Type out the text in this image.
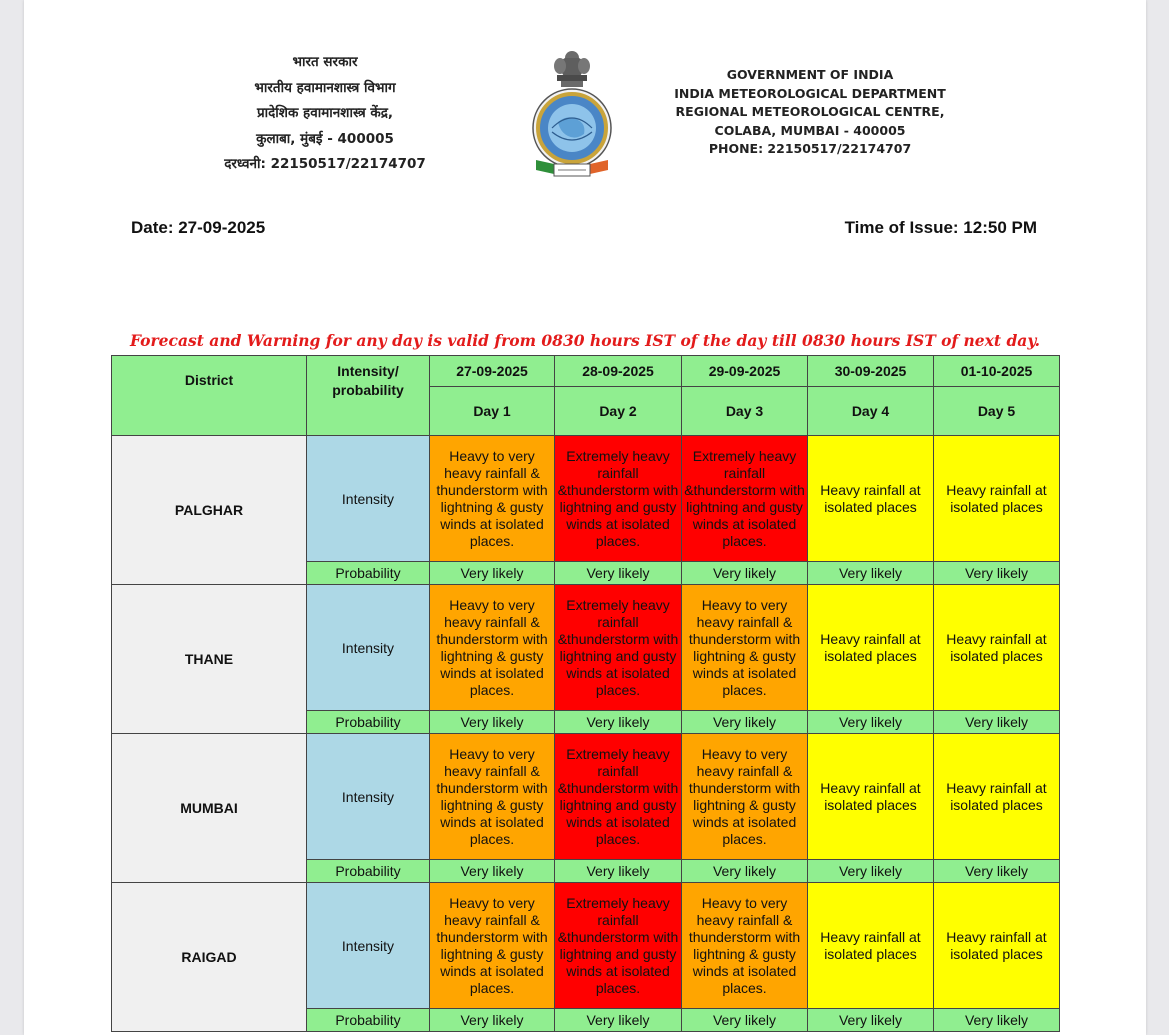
भारत सरकार
भारतीय हवामानशास्त्र विभाग
प्रादेशिक हवामानशास्त्र केंद्र,
कुलाबा, मुंबई - 400005
दरध्वनी: 22150517/22174707
GOVERNMENT OF INDIA
INDIA METEOROLOGICAL DEPARTMENT
REGIONAL METEOROLOGICAL CENTRE,
COLABA, MUMBAI - 400005
PHONE: 22150517/22174707
Date: 27-09-2025	Time of Issue: 12:50 PM
Forecast and Warning for any day is valid from 0830 hours IST of the day till 0830 hours IST of next day.
District	Intensity/
probability	27-09-2025	28-09-2025	29-09-2025	30-09-2025	01-10-2025
		Day 1	Day 2	Day 3	Day 4	Day 5
PALGHAR	Intensity	Heavy to very heavy rainfall & thunderstorm with lightning & gusty winds at isolated places.	Extremely heavy rainfall &thunderstorm with lightning and gusty winds at isolated places.	Extremely heavy rainfall &thunderstorm with lightning and gusty winds at isolated places.	Heavy rainfall at isolated places	Heavy rainfall at isolated places
	Probability	Very likely	Very likely	Very likely	Very likely	Very likely
THANE	Intensity	Heavy to very heavy rainfall & thunderstorm with lightning & gusty winds at isolated places.	Extremely heavy rainfall &thunderstorm with lightning and gusty winds at isolated places.	Heavy to very heavy rainfall & thunderstorm with lightning & gusty winds at isolated places.	Heavy rainfall at isolated places	Heavy rainfall at isolated places
	Probability	Very likely	Very likely	Very likely	Very likely	Very likely
MUMBAI	Intensity	Heavy to very heavy rainfall & thunderstorm with lightning & gusty winds at isolated places.	Extremely heavy rainfall &thunderstorm with lightning and gusty winds at isolated places.	Heavy to very heavy rainfall & thunderstorm with lightning & gusty winds at isolated places.	Heavy rainfall at isolated places	Heavy rainfall at isolated places
	Probability	Very likely	Very likely	Very likely	Very likely	Very likely
RAIGAD	Intensity	Heavy to very heavy rainfall & thunderstorm with lightning & gusty winds at isolated places.	Extremely heavy rainfall &thunderstorm with lightning and gusty winds at isolated places.	Heavy to very heavy rainfall & thunderstorm with lightning & gusty winds at isolated places.	Heavy rainfall at isolated places	Heavy rainfall at isolated places
	Probability	Very likely	Very likely	Very likely	Very likely	Very likely
